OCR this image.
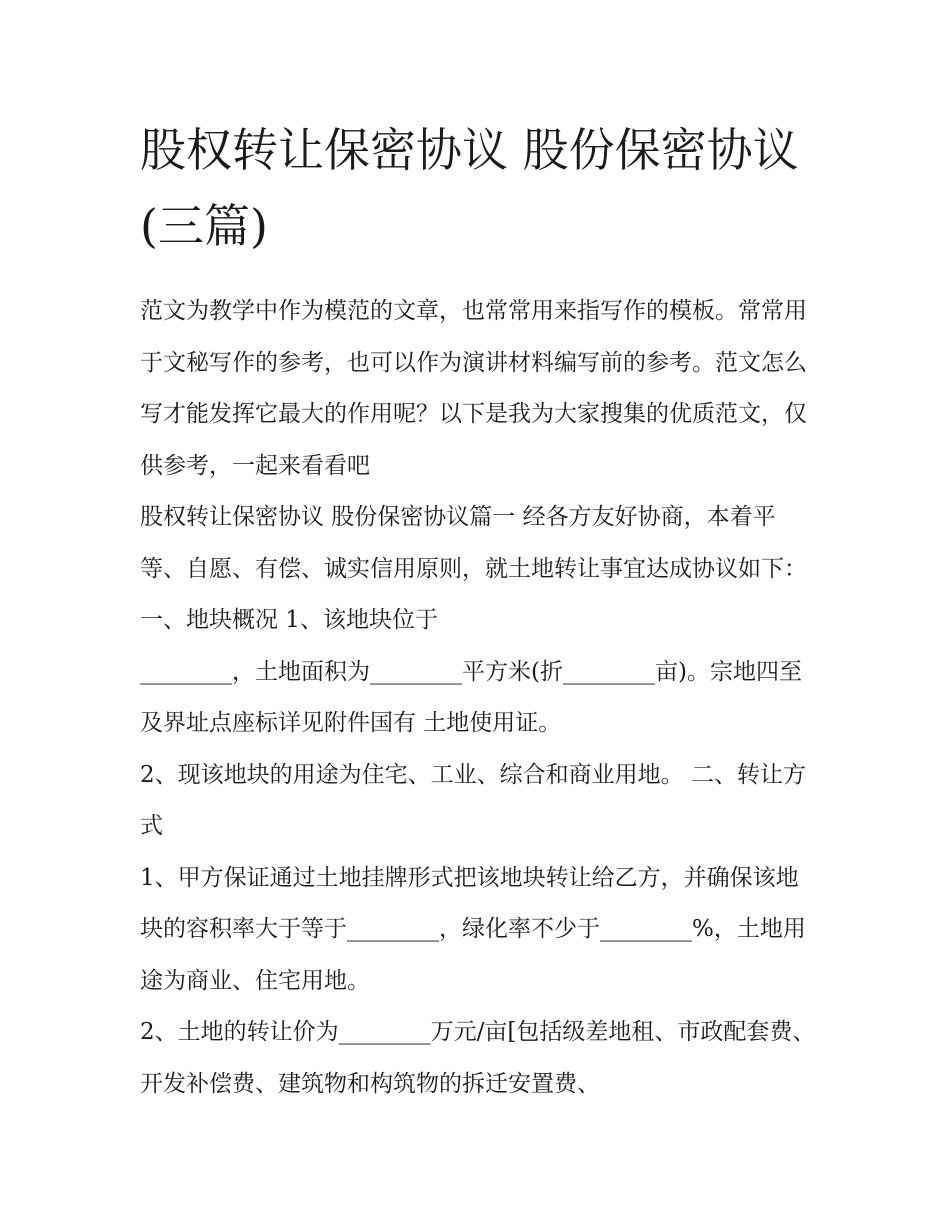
股权转让保密协议 股份保密协议(三篇)

范文为教学中作为模范的文章，也常常用来指写作的模板。常常用于文秘写作的参考，也可以作为演讲材料编写前的参考。范文怎么写才能发挥它最大的作用呢？以下是我为大家搜集的优质范文，仅供参考，一起来看看吧

股权转让保密协议 股份保密协议篇一 经各方友好协商，本着平等、自愿、有偿、诚实信用原则，就土地转让事宜达成协议如下： 一、地块概况 1、该地块位于

________，土地面积为________平方米(折________亩)。宗地四至及界址点座标详见附件国有 土地使用证。

2、现该地块的用途为住宅、工业、综合和商业用地。 二、转让方式

1、甲方保证通过土地挂牌形式把该地块转让给乙方，并确保该地块的容积率大于等于________，绿化率不少于________%，土地用途为商业、住宅用地。

2、土地的转让价为________万元/亩[包括级差地租、市政配套费、开发补偿费、建筑物和构筑物的拆迁安置费、
